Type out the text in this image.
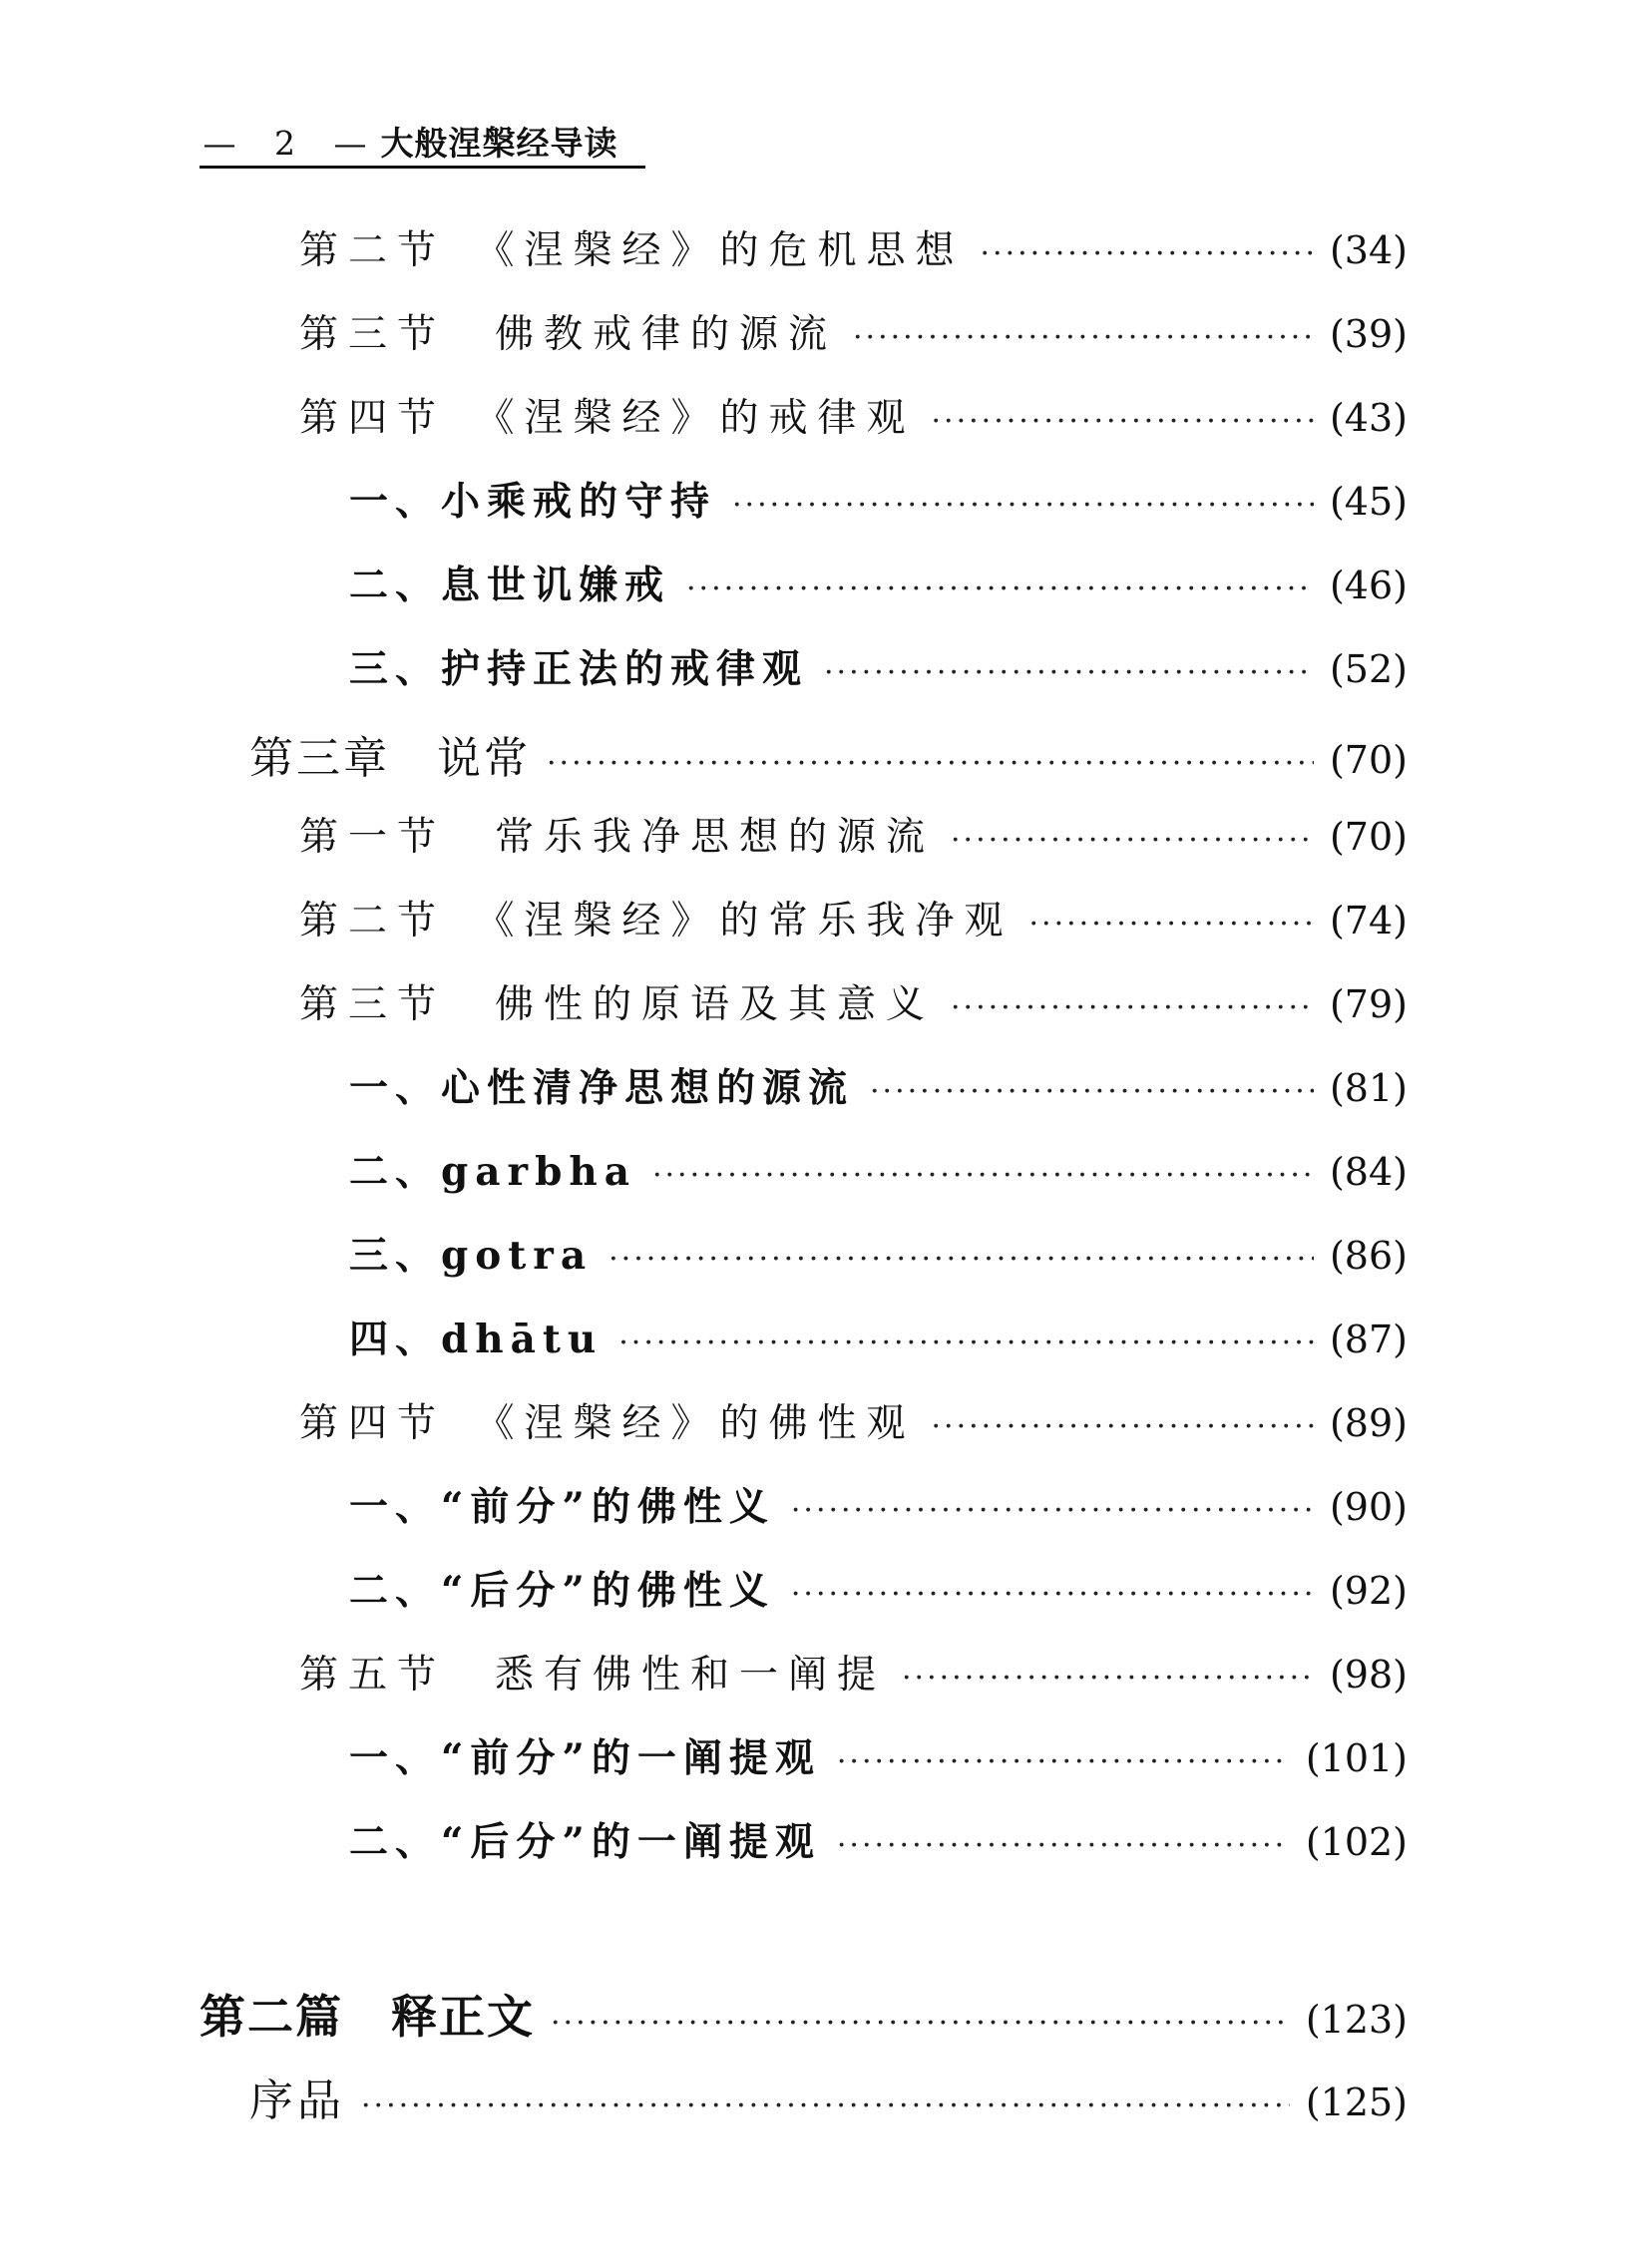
— 2 — 大般涅槃经导读
第二节　《涅槃经》的危机思想 ·····	(34)
第三节　佛教戒律的源流 ·····	(39)
第四节　《涅槃经》的戒律观 ·····	(43)
一、小乘戒的守持 ·····	(45)
二、息世讥嫌戒 ·····	(46)
三、护持正法的戒律观 ·····	(52)
第三章　说常 ·····	(70)
第一节　常乐我净思想的源流 ·····	(70)
第二节　《涅槃经》的常乐我净观 ·····	(74)
第三节　佛性的原语及其意义 ·····	(79)
一、心性清净思想的源流 ·····	(81)
二、garbha ·····	(84)
三、gotra ·····	(86)
四、dhātu ·····	(87)
第四节　《涅槃经》的佛性观 ·····	(89)
一、“前分”的佛性义 ·····	(90)
二、“后分”的佛性义 ·····	(92)
第五节　悉有佛性和一阐提 ·····	(98)
一、“前分”的一阐提观 ·····	(101)
二、“后分”的一阐提观 ·····	(102)
第二篇　释正文 ·····	(123)
序品 ·····	(125)
